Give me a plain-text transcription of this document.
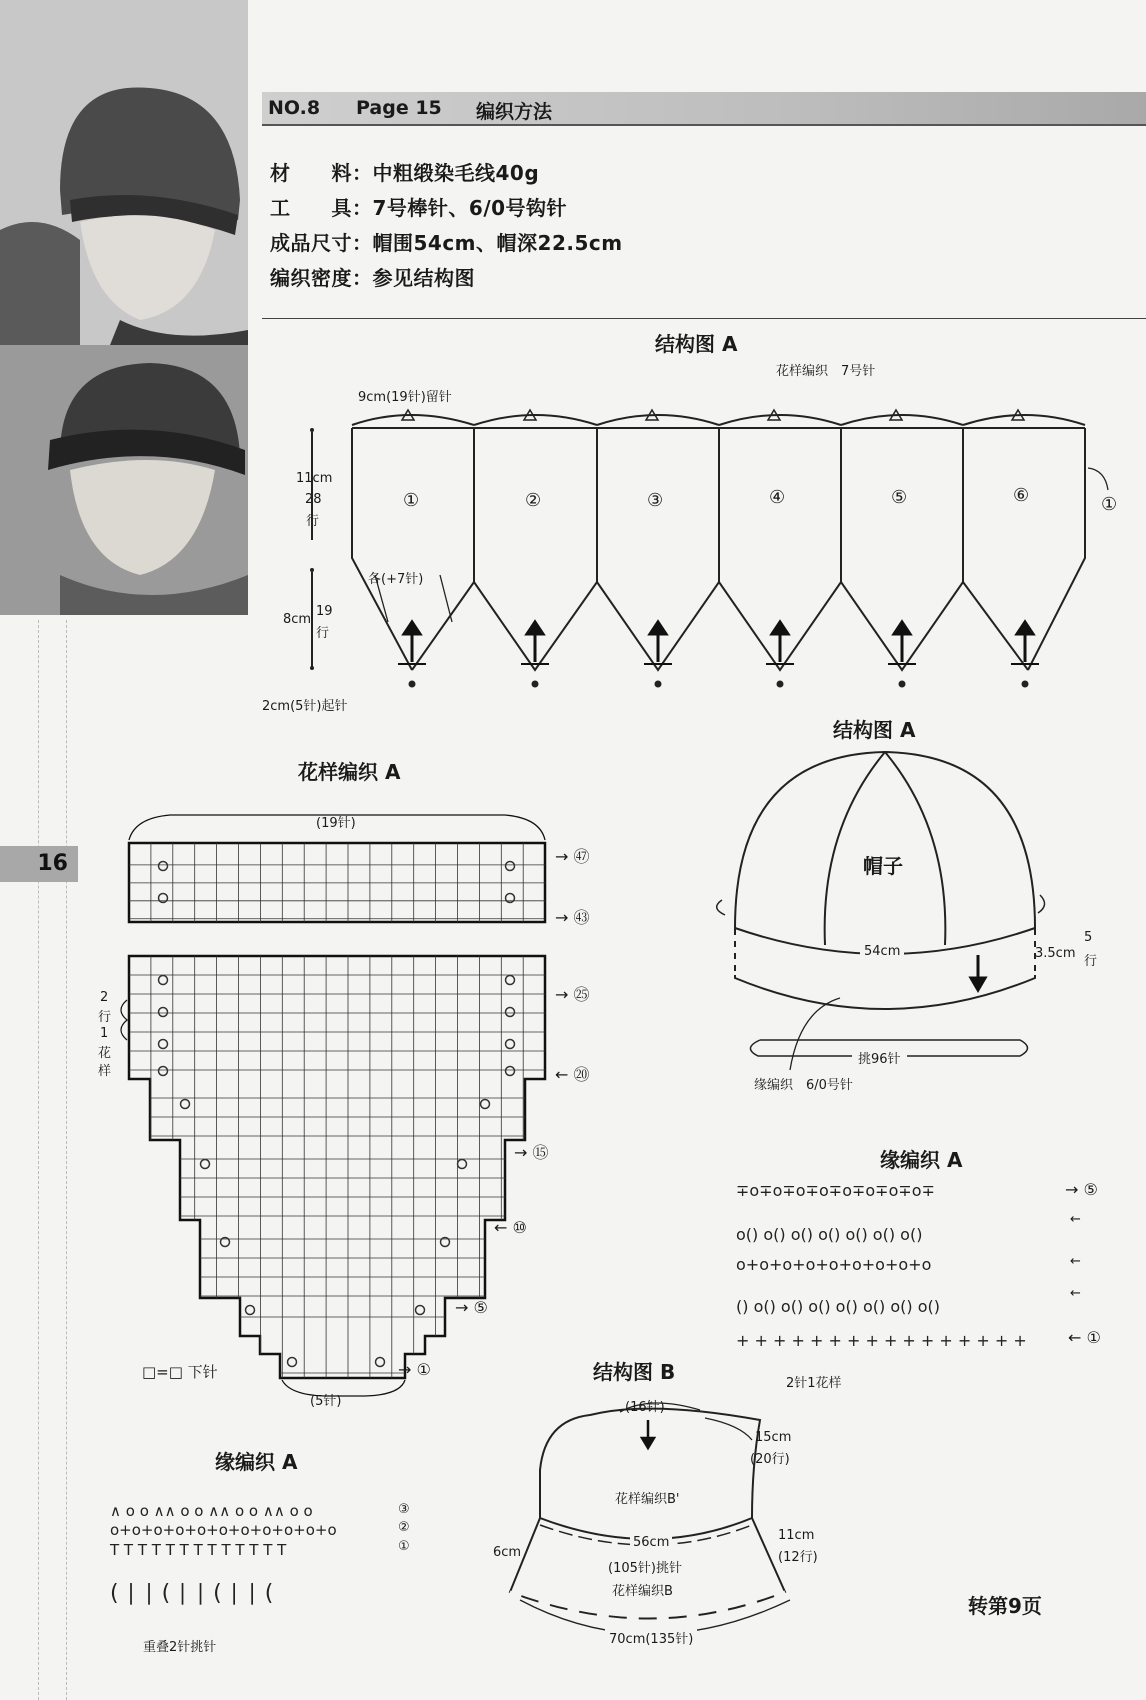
16
NO.8 Page 15 编织方法
材　　料：中粗缎染毛线40g
工　　具：7号棒针、6/0号钩针
成品尺寸：帽围54cm、帽深22.5cm
编织密度：参见结构图
结构图 A
花样编织　7号针
9cm(19针)留针
11cm
28
行
8cm
19
行
各(+7针)
2cm(5针)起针
①
①	②	③	④	⑤	⑥
结构图 A
帽子
54cm	3.5cm
5
行
挑96针
缘编织　6/0号针
花样编织 A
(19针)
(5针)
2
行
1
花
样
→ ㊼
→ ㊸
→ ㉕
← ⑳
→ ⑮
← ⑩
→ ⑤
→ ①
□=□ 下针
缘编织 A
∓o∓o∓o∓o∓o∓o∓o∓o∓
o() o() o() o() o() o() o()
o+o+o+o+o+o+o+o+o
() o() o() o() o() o() o() o()
+ + + + + + + + + + + + + + + +
→ ⑤
←
←
←
← ①
2针1花样
结构图 B
(16针)
15cm
(20行)
花样编织B'
56cm
(105针)挑针
花样编织B
6cm
11cm
(12行)
70cm(135针)
缘编织 A
∧ o o ∧∧ o o ∧∧ o o ∧∧ o o
o+o+o+o+o+o+o+o+o+o+o
T T T T T T T T T T T T T
( ∣ ∣ ( ∣ ∣ ( ∣ ∣ (
③
②
①
重叠2针挑针
转第9页
